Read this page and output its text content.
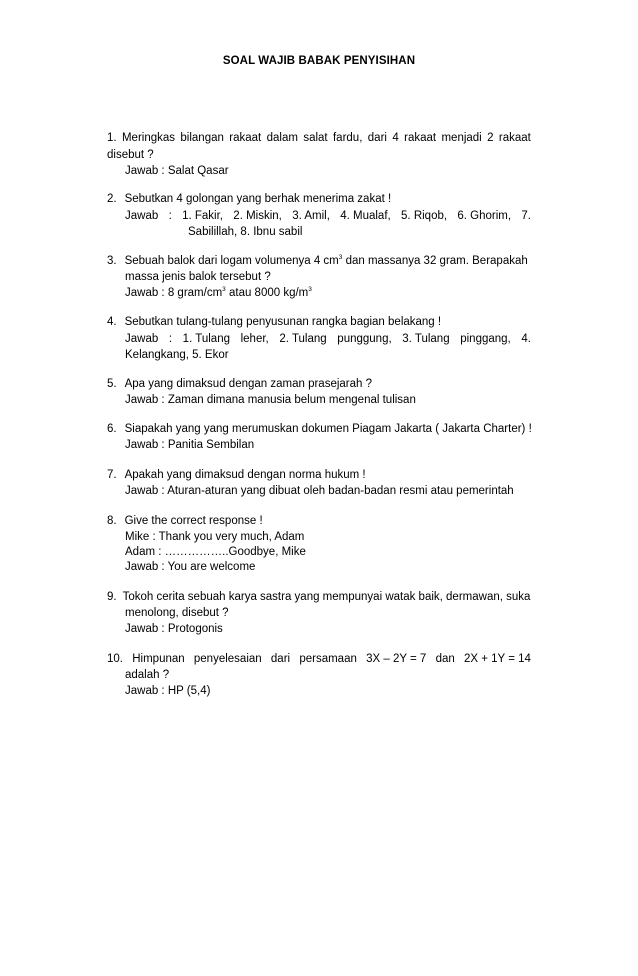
SOAL WAJIB BABAK PENYISIHAN
1. Meringkas bilangan rakaat dalam salat fardu, dari 4 rakaat menjadi 2 rakaat
disebut ?
Jawab : Salat Qasar
2. Sebutkan 4 golongan yang berhak menerima zakat !
Jawab : 1. Fakir, 2. Miskin, 3. Amil, 4. Mualaf, 5. Riqob, 6. Ghorim, 7.
Sabilillah, 8. Ibnu sabil
3. Sebuah balok dari logam volumenya 4 $cm^3$ dan massanya 32 gram. Berapakah
massa jenis balok tersebut ?
Jawab : 8 gram/$cm^3$ atau 8000 $kg/m^3$
4. Sebutkan tulang-tulang penyusunan rangka bagian belakang !
Jawab : 1. Tulang leher, 2. Tulang punggung, 3. Tulang pinggang, 4.
Kelangkang, 5. Ekor
5. Apa yang dimaksud dengan zaman prasejarah ?
Jawab : Zaman dimana manusia belum mengenal tulisan
6. Siapakah yang yang merumuskan dokumen Piagam Jakarta ( Jakarta Charter) !
Jawab : Panitia Sembilan
7. Apakah yang dimaksud dengan norma hukum !
Jawab : Aturan-aturan yang dibuat oleh badan-badan resmi atau pemerintah
8. Give the correct response !
Mike : Thank you very much, Adam
Adam : ……………..Goodbye, Mike
Jawab : You are welcome
9. Tokoh cerita sebuah karya sastra yang mempunyai watak baik, dermawan, suka
menolong, disebut ?
Jawab : Protogonis
10. Himpunan penyelesaian dari persamaan 3X – 2Y = 7 dan 2X + 1Y = 14
adalah ?
Jawab : HP (5,4)
